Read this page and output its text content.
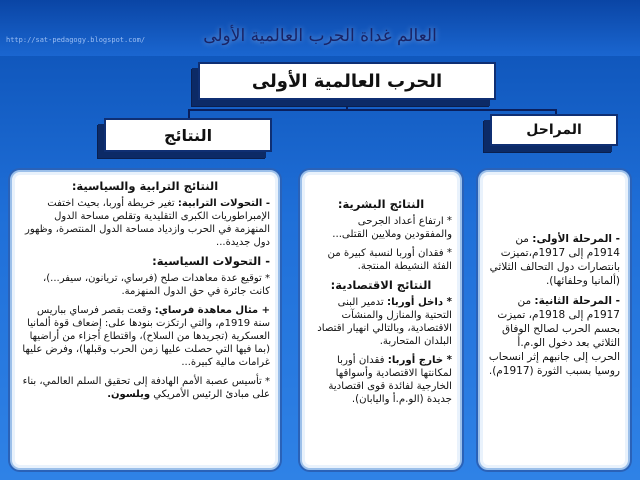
http://sat-pedagogy.blogspot.com/	العالم غداة الحرب العالمية الأولى
الحرب العالمية الأولى
النتائج	المراحل
النتائج الترابية والسياسية:
- التحولات الترابية: تغير خريطة أوربا، بحيث اختفت الإمبراطوريات الكبرى التقليدية وتقلص مساحة الدول المنهزمة في الحرب وازدياد مساحة الدول المنتصرة، وظهور دول جديدة...
- التحولات السياسية:
* توقيع عدة معاهدات صلح (فرساي، تريانون، سيفر...)، كانت جائرة في حق الدول المنهزمة.
+ مثال معاهدة فرساي: وقعت بقصر فرساي بباريس سنة 1919م، والتي ارتكزت بنودها على: إضعاف قوة ألمانيا العسكرية (تجريدها من السلاح)، واقتطاع أجزاء من أراضيها (بما فيها التي حصلت عليها زمن الحرب وقبلها)، وفرض عليها غرامات مالية كبيرة...
* تأسيس عصبة الأمم الهادفة إلى تحقيق السلم العالمي، بناء على مبادئ الرئيس الأمريكي ويلسون.
النتائج البشرية:
* ارتفاع أعداد الجرحى والمفقودين وملايين القتلى...
* فقدان أوربا لنسبة كبيرة من الفئة النشيطة المنتجة.
النتائج الاقتصادية:
* داخل أوربا: تدمير البنى التحتية والمنازل والمنشآت الاقتصادية، وبالتالي انهيار اقتصاد البلدان المتحاربة.
* خارج أوربا: فقدان أوربا لمكانتها الاقتصادية وأسواقها الخارجية لفائدة قوى اقتصادية جديدة (الو.م.أ واليابان).
- المرحلة الأولى: من 1914م إلى 1917م،تميزت بانتصارات دول التحالف الثلاثي (ألمانيا وحلفائها).
- المرحلة الثانية: من 1917م إلى 1918م، تميزت بحسم الحرب لصالح الوفاق الثلاثي بعد دخول الو.م.أ الحرب إلى جانبهم إثر انسحاب روسيا بسبب الثورة (1917م).
